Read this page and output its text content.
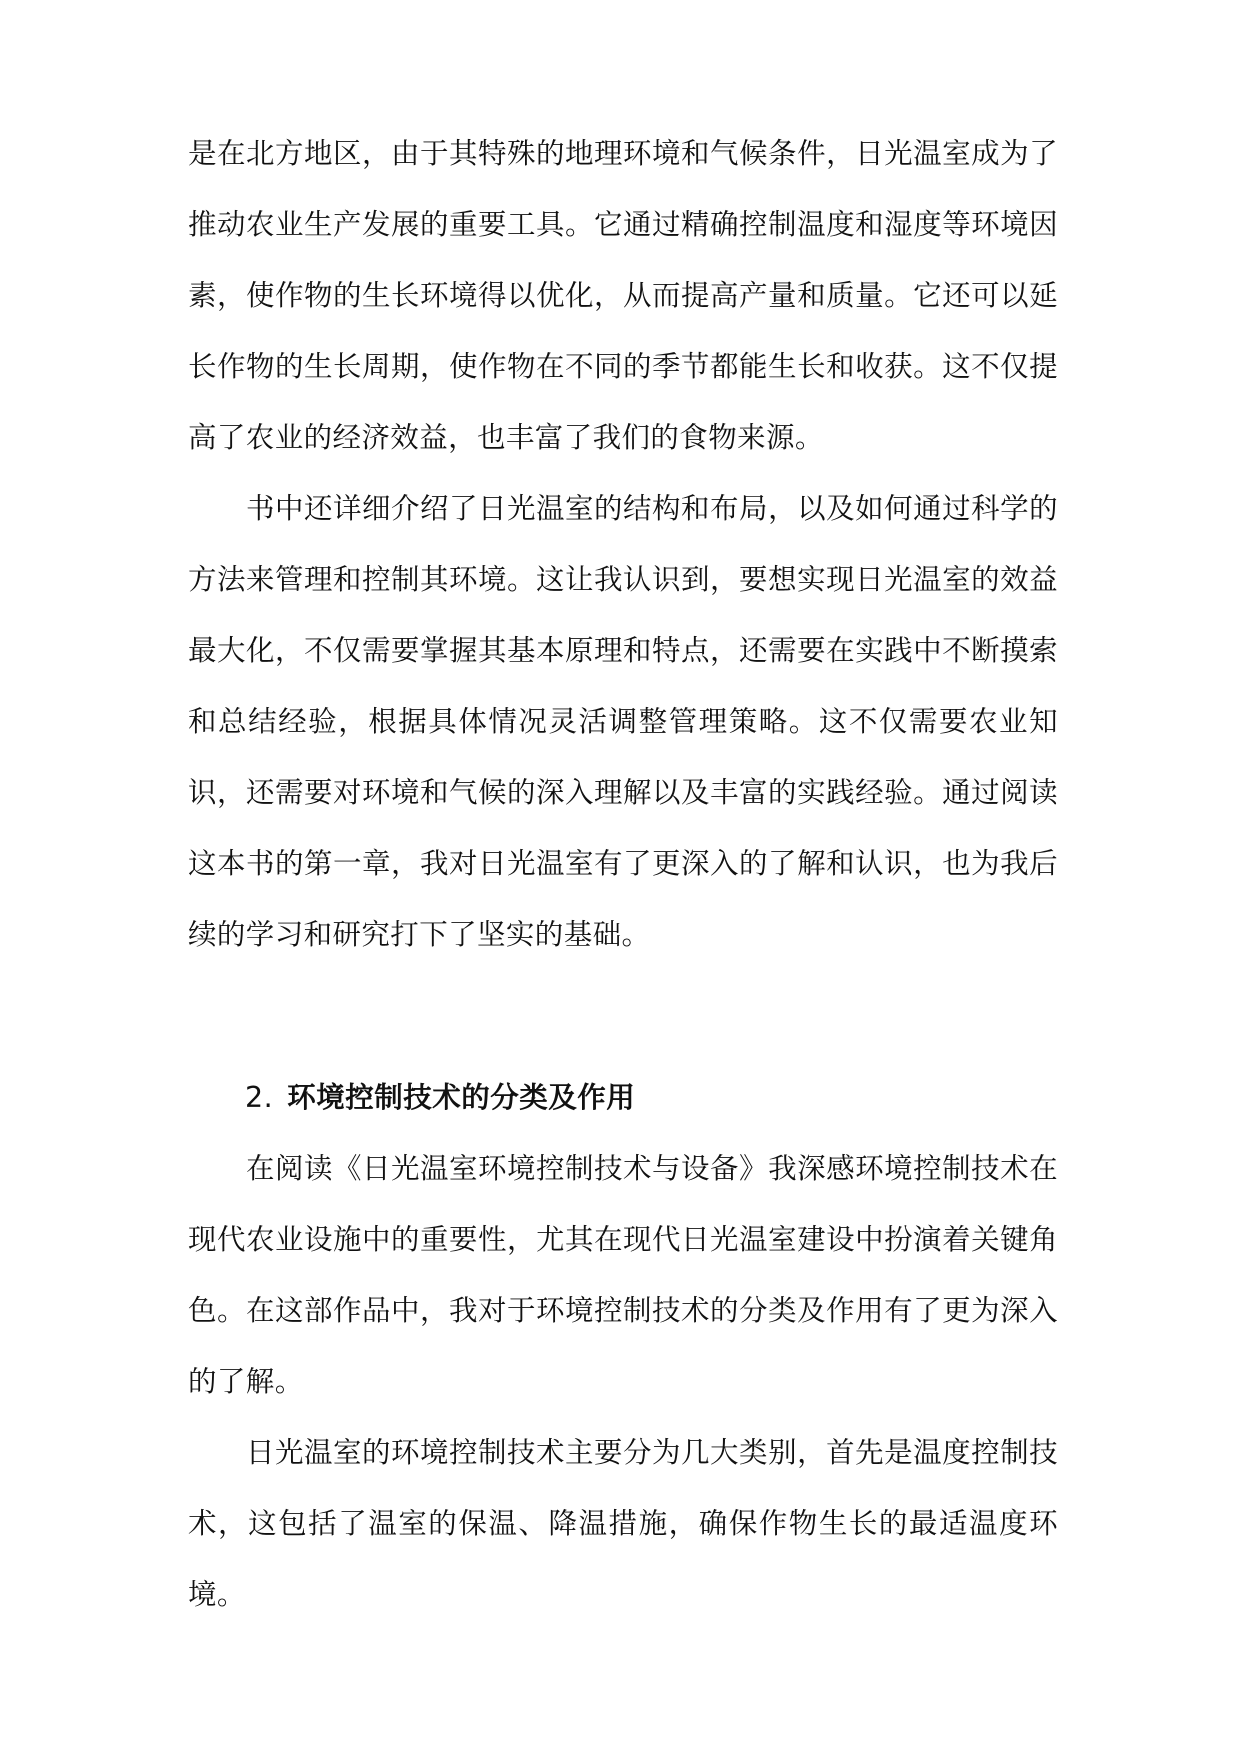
是在北方地区，由于其特殊的地理环境和气候条件，日光温室成为了推动农业生产发展的重要工具。它通过精确控制温度和湿度等环境因素，使作物的生长环境得以优化，从而提高产量和质量。它还可以延长作物的生长周期，使作物在不同的季节都能生长和收获。这不仅提高了农业的经济效益，也丰富了我们的食物来源。

书中还详细介绍了日光温室的结构和布局，以及如何通过科学的方法来管理和控制其环境。这让我认识到，要想实现日光温室的效益最大化，不仅需要掌握其基本原理和特点，还需要在实践中不断摸索和总结经验，根据具体情况灵活调整管理策略。这不仅需要农业知识，还需要对环境和气候的深入理解以及丰富的实践经验。通过阅读这本书的第一章，我对日光温室有了更深入的了解和认识，也为我后续的学习和研究打下了坚实的基础。

2. 环境控制技术的分类及作用

在阅读《日光温室环境控制技术与设备》我深感环境控制技术在现代农业设施中的重要性，尤其在现代日光温室建设中扮演着关键角色。在这部作品中，我对于环境控制技术的分类及作用有了更为深入的了解。

日光温室的环境控制技术主要分为几大类别，首先是温度控制技术，这包括了温室的保温、降温措施，确保作物生长的最适温度环境。
